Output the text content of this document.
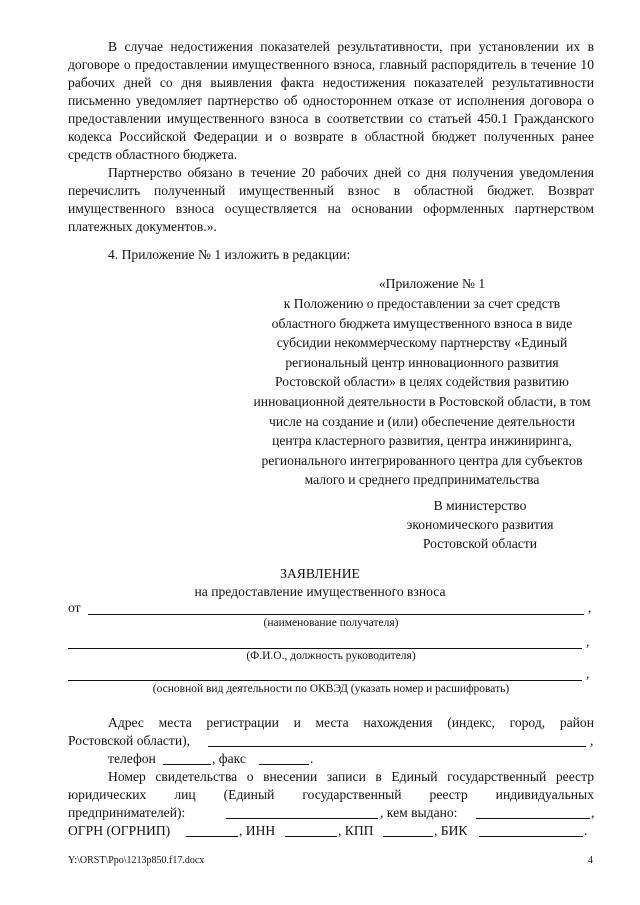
В случае недостижения показателей результативности, при установлении их в договоре о предоставлении имущественного взноса, главный распорядитель в течение 10 рабочих дней со дня выявления факта недостижения показателей результативности письменно уведомляет партнерство об одностороннем отказе от исполнения договора о предоставлении имущественного взноса в соответствии со статьей 450.1 Гражданского кодекса Российской Федерации и о возврате в областной бюджет полученных ранее средств областного бюджета.

Партнерство обязано в течение 20 рабочих дней со дня получения уведомления перечислить полученный имущественный взнос в областной бюджет. Возврат имущественного взноса осуществляется на основании оформленных партнерством платежных документов.».

4. Приложение № 1 изложить в редакции:

«Приложение № 1

к Положению о предоставлении за счет средств областного бюджета имущественного взноса в виде субсидии некоммерческому партнерству «Единый региональный центр инновационного развития Ростовской области» в целях содействия развитию инновационной деятельности в Ростовской области, в том числе на создание и (или) обеспечение деятельности центра кластерного развития, центра инжиниринга, регионального интегрированного центра для субъектов малого и среднего предпринимательства

В министерство

экономического развития

Ростовской области

ЗАЯВЛЕНИЕ

на предоставление имущественного взноса

от	,

(наименование получателя)

,

(Ф.И.О., должность руководителя)

,

(основной вид деятельности по ОКВЭД (указать номер и расшифровать)

Адрес места регистрации и места нахождения (индекс, город, район

Ростовской области),	,
телефон	, факс	.

Номер свидетельства о внесении записи в Единый государственный реестр

юридических лиц (Единый государственный реестр индивидуальных

предпринимателей):	, кем выдано:	,
ОГРН (ОГРНИП)	, ИНН	, КПП	, БИК	.
Y:\ORST\Ppo\1213p850.f17.docx	4
